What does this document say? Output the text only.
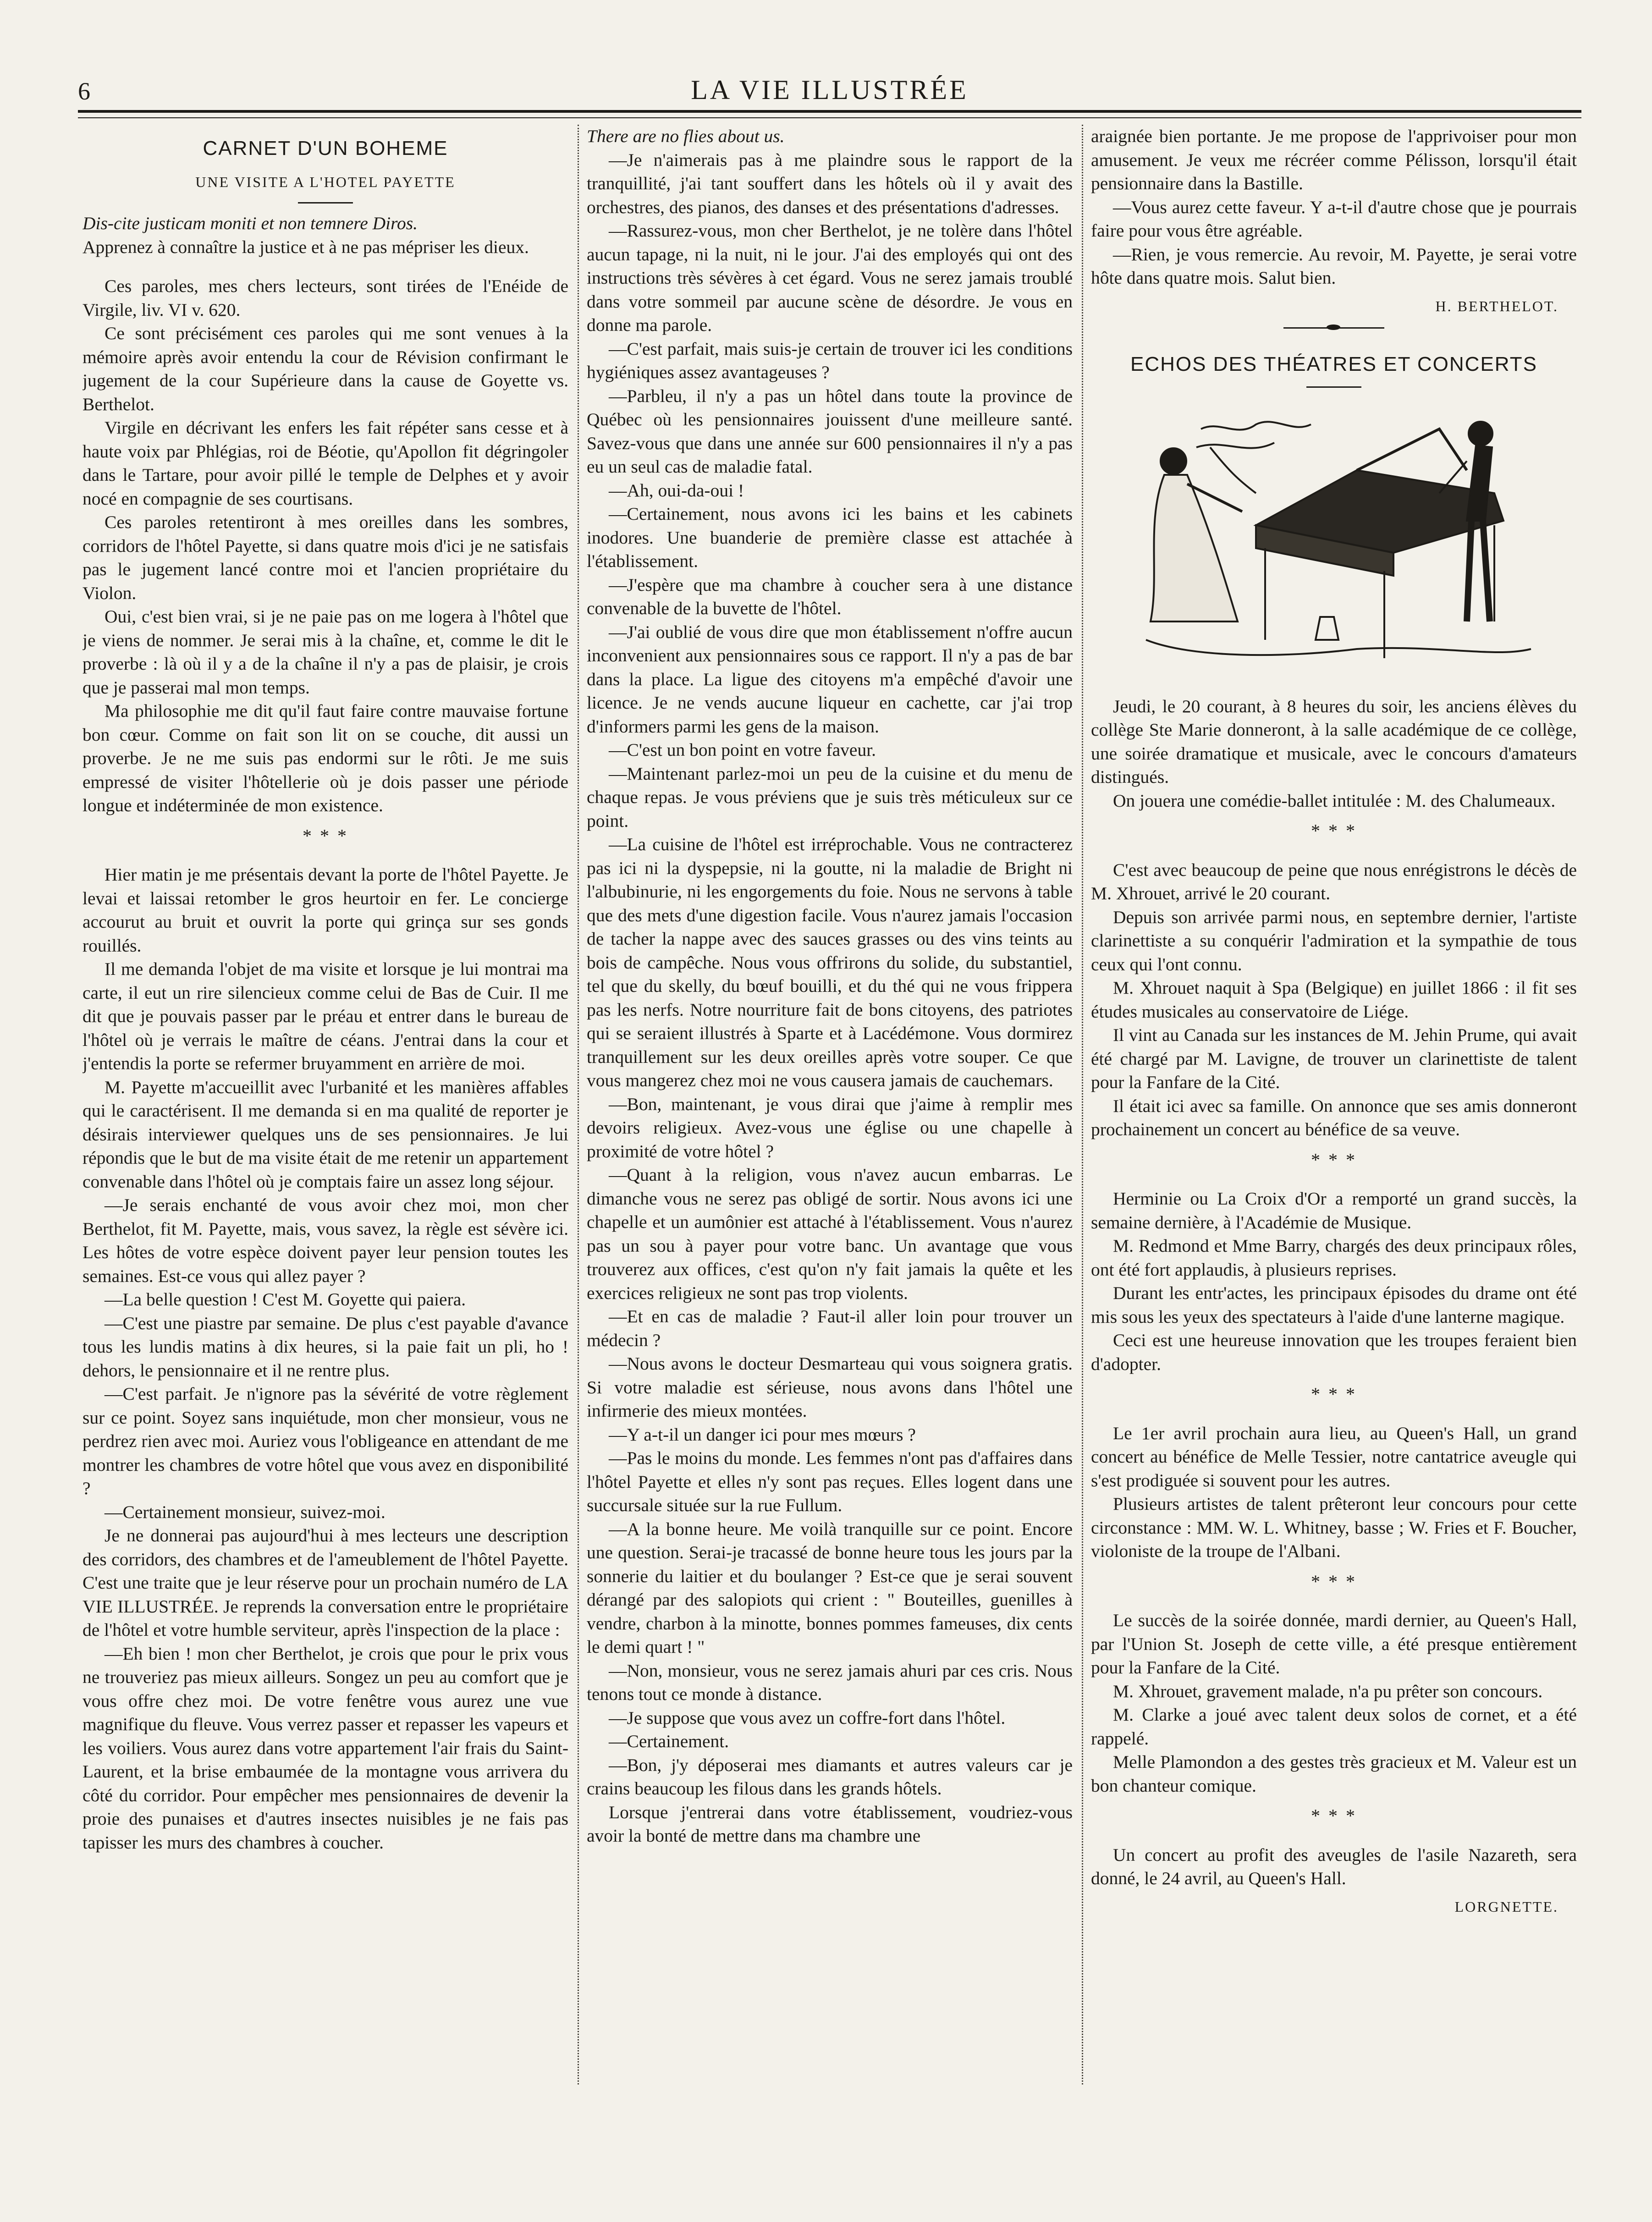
6	LA VIE ILLUSTRÉE

CARNET D'UN BOHEME

UNE VISITE A L'HOTEL PAYETTE

Dis-cite justicam moniti et non temnere Diros.

Apprenez à connaître la justice et à ne pas mépriser les dieux.

Ces paroles, mes chers lecteurs, sont tirées de l'Enéide de Virgile, liv. VI v. 620.

Ce sont précisément ces paroles qui me sont venues à la mémoire après avoir entendu la cour de Révision confirmant le jugement de la cour Supérieure dans la cause de Goyette vs. Berthelot.

Virgile en décrivant les enfers les fait répéter sans cesse et à haute voix par Phlégias, roi de Béotie, qu'Apollon fit dégringoler dans le Tartare, pour avoir pillé le temple de Delphes et y avoir nocé en compagnie de ses courtisans.

Ces paroles retentiront à mes oreilles dans les sombres, corridors de l'hôtel Payette, si dans quatre mois d'ici je ne satisfais pas le jugement lancé contre moi et l'ancien propriétaire du Violon.

Oui, c'est bien vrai, si je ne paie pas on me logera à l'hôtel que je viens de nommer. Je serai mis à la chaîne, et, comme le dit le proverbe : là où il y a de la chaîne il n'y a pas de plaisir, je crois que je passerai mal mon temps.

Ma philosophie me dit qu'il faut faire contre mauvaise fortune bon cœur. Comme on fait son lit on se couche, dit aussi un proverbe. Je ne me suis pas endormi sur le rôti. Je me suis empressé de visiter l'hôtellerie où je dois passer une période longue et indéterminée de mon existence.

* * *

Hier matin je me présentais devant la porte de l'hôtel Payette. Je levai et laissai retomber le gros heurtoir en fer. Le concierge accourut au bruit et ouvrit la porte qui grinça sur ses gonds rouillés.

Il me demanda l'objet de ma visite et lorsque je lui montrai ma carte, il eut un rire silencieux comme celui de Bas de Cuir. Il me dit que je pouvais passer par le préau et entrer dans le bureau de l'hôtel où je verrais le maître de céans. J'entrai dans la cour et j'entendis la porte se refermer bruyamment en arrière de moi.

M. Payette m'accueillit avec l'urbanité et les manières affables qui le caractérisent. Il me demanda si en ma qualité de reporter je désirais interviewer quelques uns de ses pensionnaires. Je lui répondis que le but de ma visite était de me retenir un appartement convenable dans l'hôtel où je comptais faire un assez long séjour.

—Je serais enchanté de vous avoir chez moi, mon cher Berthelot, fit M. Payette, mais, vous savez, la règle est sévère ici. Les hôtes de votre espèce doivent payer leur pension toutes les semaines. Est-ce vous qui allez payer ?

—La belle question ! C'est M. Goyette qui paiera.

—C'est une piastre par semaine. De plus c'est payable d'avance tous les lundis matins à dix heures, si la paie fait un pli, ho ! dehors, le pensionnaire et il ne rentre plus.

—C'est parfait. Je n'ignore pas la sévérité de votre règlement sur ce point. Soyez sans inquiétude, mon cher monsieur, vous ne perdrez rien avec moi. Auriez vous l'obligeance en attendant de me montrer les chambres de votre hôtel que vous avez en disponibilité ?

—Certainement monsieur, suivez-moi.

Je ne donnerai pas aujourd'hui à mes lecteurs une description des corridors, des chambres et de l'ameublement de l'hôtel Payette. C'est une traite que je leur réserve pour un prochain numéro de LA VIE ILLUSTRÉE. Je reprends la conversation entre le propriétaire de l'hôtel et votre humble serviteur, après l'inspection de la place :

—Eh bien ! mon cher Berthelot, je crois que pour le prix vous ne trouveriez pas mieux ailleurs. Songez un peu au comfort que je vous offre chez moi. De votre fenêtre vous aurez une vue magnifique du fleuve. Vous verrez passer et repasser les vapeurs et les voiliers. Vous aurez dans votre appartement l'air frais du Saint-Laurent, et la brise embaumée de la montagne vous arrivera du côté du corridor. Pour empêcher mes pensionnaires de devenir la proie des punaises et d'autres insectes nuisibles je ne fais pas tapisser les murs des chambres à coucher.

There are no flies about us.

—Je n'aimerais pas à me plaindre sous le rapport de la tranquillité, j'ai tant souffert dans les hôtels où il y avait des orchestres, des pianos, des danses et des présentations d'adresses.

—Rassurez-vous, mon cher Berthelot, je ne tolère dans l'hôtel aucun tapage, ni la nuit, ni le jour. J'ai des employés qui ont des instructions très sévères à cet égard. Vous ne serez jamais troublé dans votre sommeil par aucune scène de désordre. Je vous en donne ma parole.

—C'est parfait, mais suis-je certain de trouver ici les conditions hygiéniques assez avantageuses ?

—Parbleu, il n'y a pas un hôtel dans toute la province de Québec où les pensionnaires jouissent d'une meilleure santé. Savez-vous que dans une année sur 600 pensionnaires il n'y a pas eu un seul cas de maladie fatal.

—Ah, oui-da-oui !

—Certainement, nous avons ici les bains et les cabinets inodores. Une buanderie de première classe est attachée à l'établissement.

—J'espère que ma chambre à coucher sera à une distance convenable de la buvette de l'hôtel.

—J'ai oublié de vous dire que mon établissement n'offre aucun inconvenient aux pensionnaires sous ce rapport. Il n'y a pas de bar dans la place. La ligue des citoyens m'a empêché d'avoir une licence. Je ne vends aucune liqueur en cachette, car j'ai trop d'informers parmi les gens de la maison.

—C'est un bon point en votre faveur.

—Maintenant parlez-moi un peu de la cuisine et du menu de chaque repas. Je vous préviens que je suis très méticuleux sur ce point.

—La cuisine de l'hôtel est irréprochable. Vous ne contracterez pas ici ni la dyspepsie, ni la goutte, ni la maladie de Bright ni l'albubinurie, ni les engorgements du foie. Nous ne servons à table que des mets d'une digestion facile. Vous n'aurez jamais l'occasion de tacher la nappe avec des sauces grasses ou des vins teints au bois de campêche. Nous vous offrirons du solide, du substantiel, tel que du skelly, du bœuf bouilli, et du thé qui ne vous frippera pas les nerfs. Notre nourriture fait de bons citoyens, des patriotes qui se seraient illustrés à Sparte et à Lacédémone. Vous dormirez tranquillement sur les deux oreilles après votre souper. Ce que vous mangerez chez moi ne vous causera jamais de cauchemars.

—Bon, maintenant, je vous dirai que j'aime à remplir mes devoirs religieux. Avez-vous une église ou une chapelle à proximité de votre hôtel ?

—Quant à la religion, vous n'avez aucun embarras. Le dimanche vous ne serez pas obligé de sortir. Nous avons ici une chapelle et un aumônier est attaché à l'établissement. Vous n'aurez pas un sou à payer pour votre banc. Un avantage que vous trouverez aux offices, c'est qu'on n'y fait jamais la quête et les exercices religieux ne sont pas trop violents.

—Et en cas de maladie ? Faut-il aller loin pour trouver un médecin ?

—Nous avons le docteur Desmarteau qui vous soignera gratis. Si votre maladie est sérieuse, nous avons dans l'hôtel une infirmerie des mieux montées.

—Y a-t-il un danger ici pour mes mœurs ?

—Pas le moins du monde. Les femmes n'ont pas d'affaires dans l'hôtel Payette et elles n'y sont pas reçues. Elles logent dans une succursale située sur la rue Fullum.

—A la bonne heure. Me voilà tranquille sur ce point. Encore une question. Serai-je tracassé de bonne heure tous les jours par la sonnerie du laitier et du boulanger ? Est-ce que je serai souvent dérangé par des salopiots qui crient : " Bouteilles, guenilles à vendre, charbon à la minotte, bonnes pommes fameuses, dix cents le demi quart ! "

—Non, monsieur, vous ne serez jamais ahuri par ces cris. Nous tenons tout ce monde à distance.

—Je suppose que vous avez un coffre-fort dans l'hôtel.

—Certainement.

—Bon, j'y déposerai mes diamants et autres valeurs car je crains beaucoup les filous dans les grands hôtels.

Lorsque j'entrerai dans votre établissement, voudriez-vous avoir la bonté de mettre dans ma chambre une

araignée bien portante. Je me propose de l'apprivoiser pour mon amusement. Je veux me récréer comme Pélisson, lorsqu'il était pensionnaire dans la Bastille.

—Vous aurez cette faveur. Y a-t-il d'autre chose que je pourrais faire pour vous être agréable.

—Rien, je vous remercie. Au revoir, M. Payette, je serai votre hôte dans quatre mois. Salut bien.

H. BERTHELOT.

ECHOS DES THÉATRES ET CONCERTS

Jeudi, le 20 courant, à 8 heures du soir, les anciens élèves du collège Ste Marie donneront, à la salle académique de ce collège, une soirée dramatique et musicale, avec le concours d'amateurs distingués.

On jouera une comédie-ballet intitulée : M. des Chalumeaux.

* * *

C'est avec beaucoup de peine que nous enrégistrons le décès de M. Xhrouet, arrivé le 20 courant.

Depuis son arrivée parmi nous, en septembre dernier, l'artiste clarinettiste a su conquérir l'admiration et la sympathie de tous ceux qui l'ont connu.

M. Xhrouet naquit à Spa (Belgique) en juillet 1866 : il fit ses études musicales au conservatoire de Liége.

Il vint au Canada sur les instances de M. Jehin Prume, qui avait été chargé par M. Lavigne, de trouver un clarinettiste de talent pour la Fanfare de la Cité.

Il était ici avec sa famille. On annonce que ses amis donneront prochainement un concert au bénéfice de sa veuve.

* * *

Herminie ou La Croix d'Or a remporté un grand succès, la semaine dernière, à l'Académie de Musique.

M. Redmond et Mme Barry, chargés des deux principaux rôles, ont été fort applaudis, à plusieurs reprises.

Durant les entr'actes, les principaux épisodes du drame ont été mis sous les yeux des spectateurs à l'aide d'une lanterne magique.

Ceci est une heureuse innovation que les troupes feraient bien d'adopter.

* * *

Le 1er avril prochain aura lieu, au Queen's Hall, un grand concert au bénéfice de Melle Tessier, notre cantatrice aveugle qui s'est prodiguée si souvent pour les autres.

Plusieurs artistes de talent prêteront leur concours pour cette circonstance : MM. W. L. Whitney, basse ; W. Fries et F. Boucher, violoniste de la troupe de l'Albani.

* * *

Le succès de la soirée donnée, mardi dernier, au Queen's Hall, par l'Union St. Joseph de cette ville, a été presque entièrement pour la Fanfare de la Cité.

M. Xhrouet, gravement malade, n'a pu prêter son concours.

M. Clarke a joué avec talent deux solos de cornet, et a été rappelé.

Melle Plamondon a des gestes très gracieux et M. Valeur est un bon chanteur comique.

* * *

Un concert au profit des aveugles de l'asile Nazareth, sera donné, le 24 avril, au Queen's Hall.

LORGNETTE.
